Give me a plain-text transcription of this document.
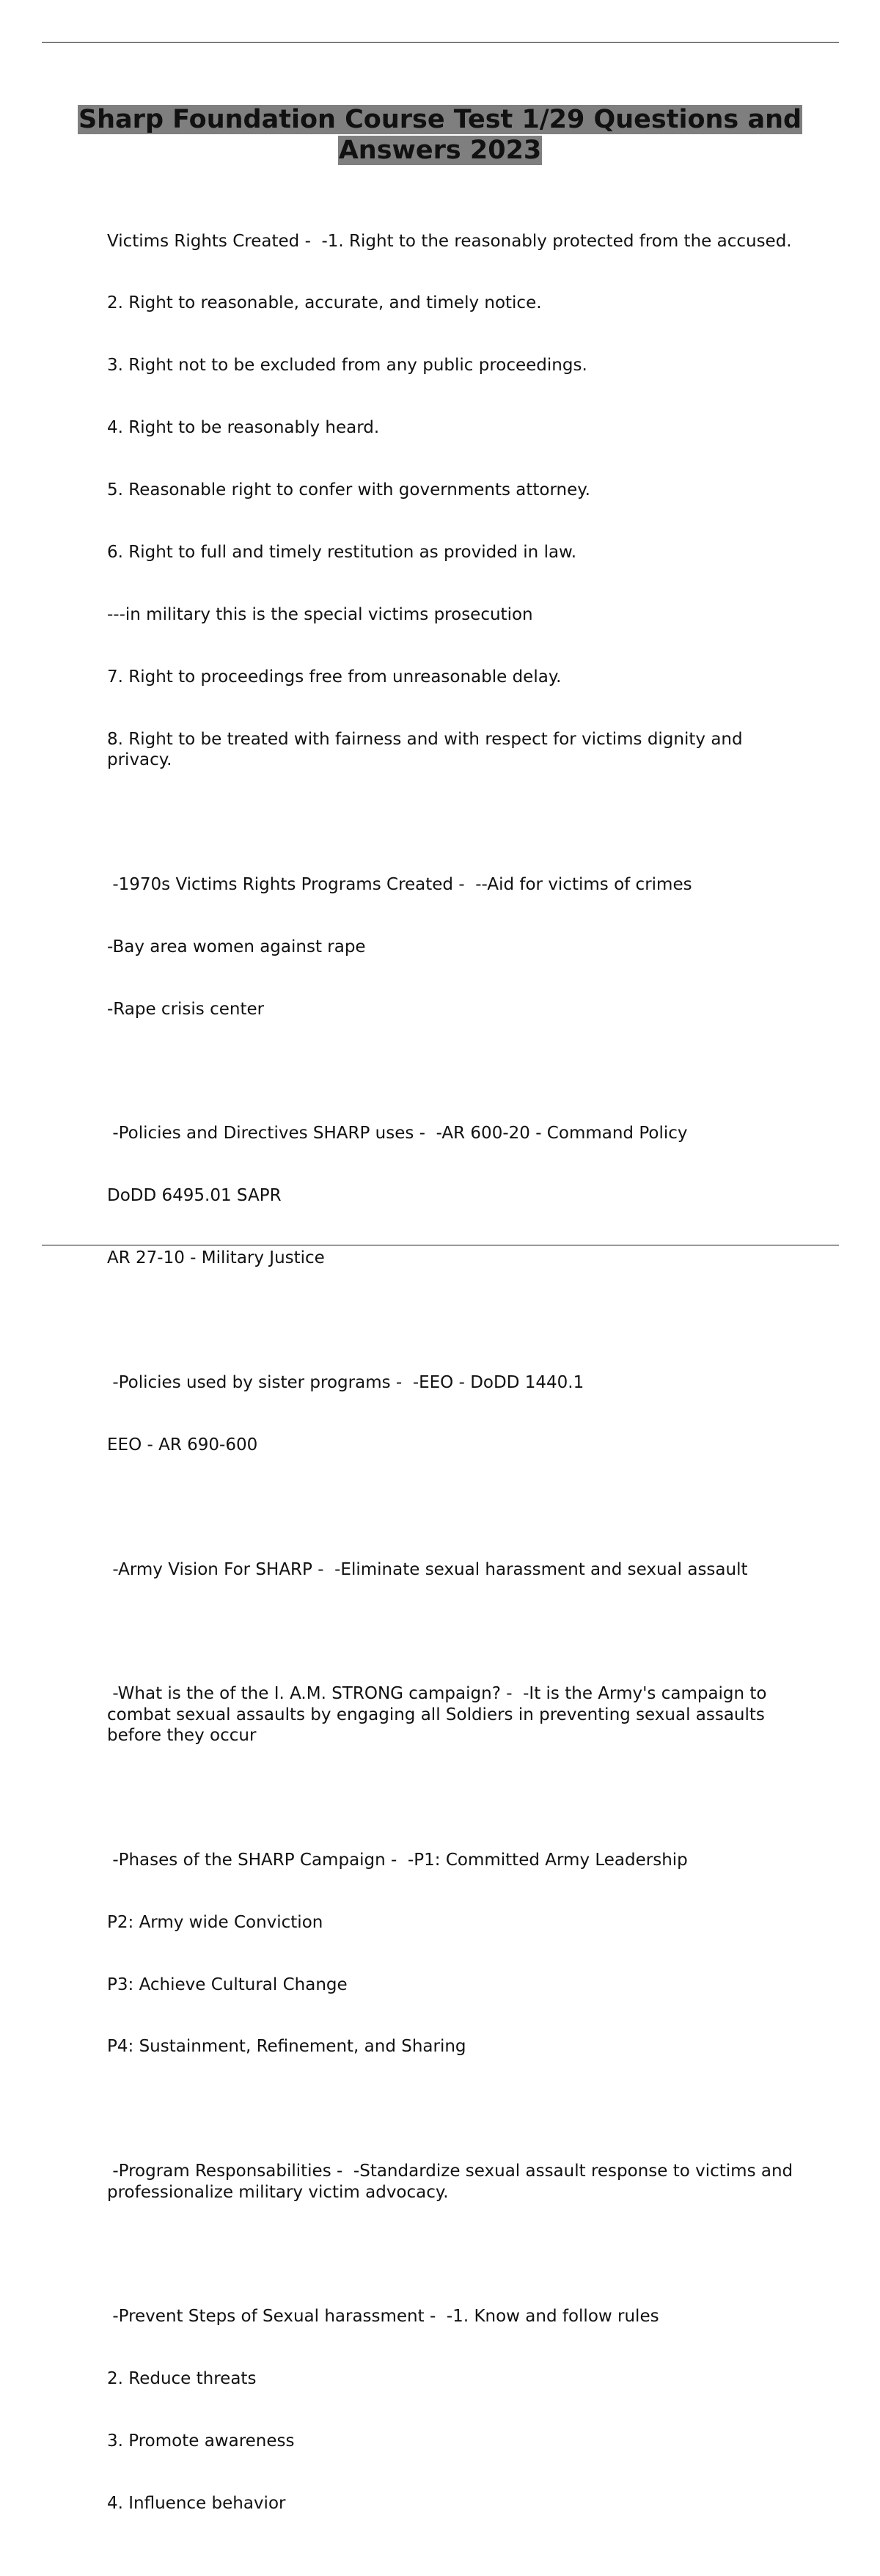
Sharp Foundation Course Test 1/29 Questions and Answers 2023

Victims Rights Created -  -1. Right to the reasonably protected from the accused.

2. Right to reasonable, accurate, and timely notice.

3. Right not to be excluded from any public proceedings.

4. Right to be reasonably heard.

5. Reasonable right to confer with governments attorney.

6. Right to full and timely restitution as provided in law.

---in military this is the special victims prosecution

7. Right to proceedings free from unreasonable delay.

8. Right to be treated with fairness and with respect for victims dignity and privacy.

-1970s Victims Rights Programs Created -  --Aid for victims of crimes

-Bay area women against rape

-Rape crisis center

-Policies and Directives SHARP uses -  -AR 600-20 - Command Policy

DoDD 6495.01 SAPR

AR 27-10 - Military Justice

-Policies used by sister programs -  -EEO - DoDD 1440.1

EEO - AR 690-600

-Army Vision For SHARP -  -Eliminate sexual harassment and sexual assault

-What is the of the I. A.M. STRONG campaign? -  -It is the Army's campaign to combat sexual assaults by engaging all Soldiers in preventing sexual assaults before they occur

-Phases of the SHARP Campaign -  -P1: Committed Army Leadership

P2: Army wide Conviction

P3: Achieve Cultural Change

P4: Sustainment, Refinement, and Sharing

-Program Responsabilities -  -Standardize sexual assault response to victims and professionalize military victim advocacy.

-Prevent Steps of Sexual harassment -  -1. Know and follow rules

2. Reduce threats

3. Promote awareness

4. Influence behavior
